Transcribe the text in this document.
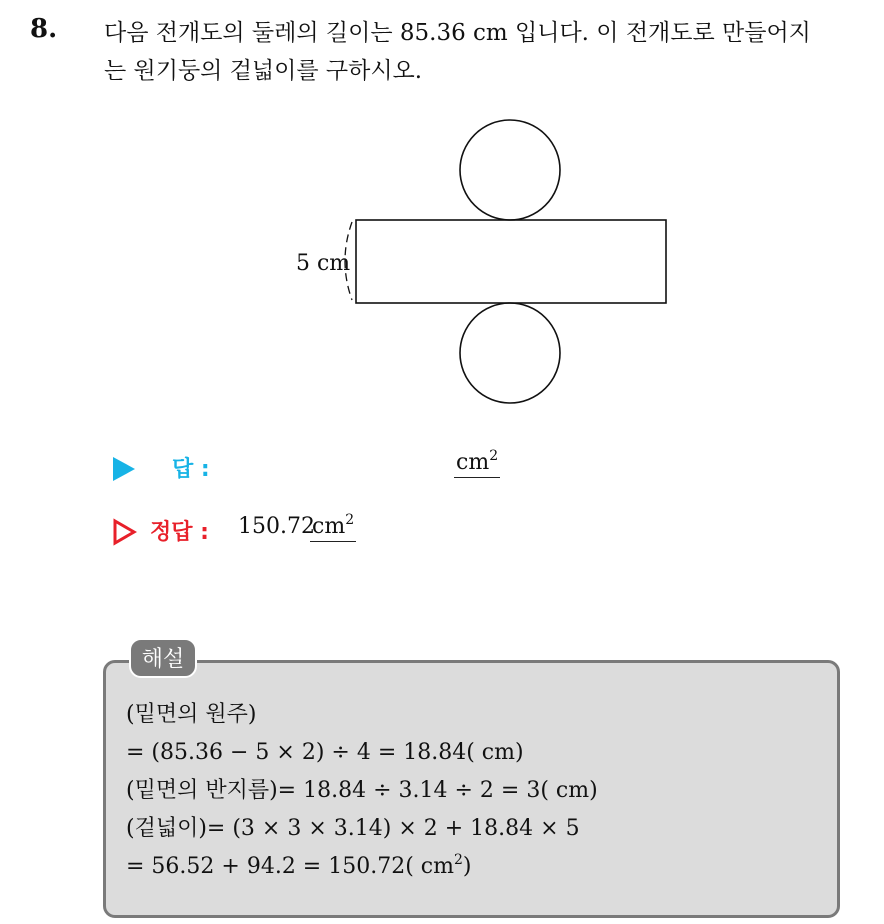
8. 다음 전개도의 둘레의 길이는 85.36 cm 입니다. 이 전개도로 만들어지
는 원기둥의 겉넓이를 구하시오.
5 cm
답 :	$cm^2$
정답 : 150.72
$cm^2$
해설
(밑면의 원주)
= (85.36 − 5 × 2) ÷ 4 = 18.84( cm)
(밑면의 반지름)= 18.84 ÷ 3.14 ÷ 2 = 3( cm)
(겉넓이)= (3 × 3 × 3.14) × 2 + 18.84 × 5
= 56.52 + 94.2 = 150.72( $cm^2$)
